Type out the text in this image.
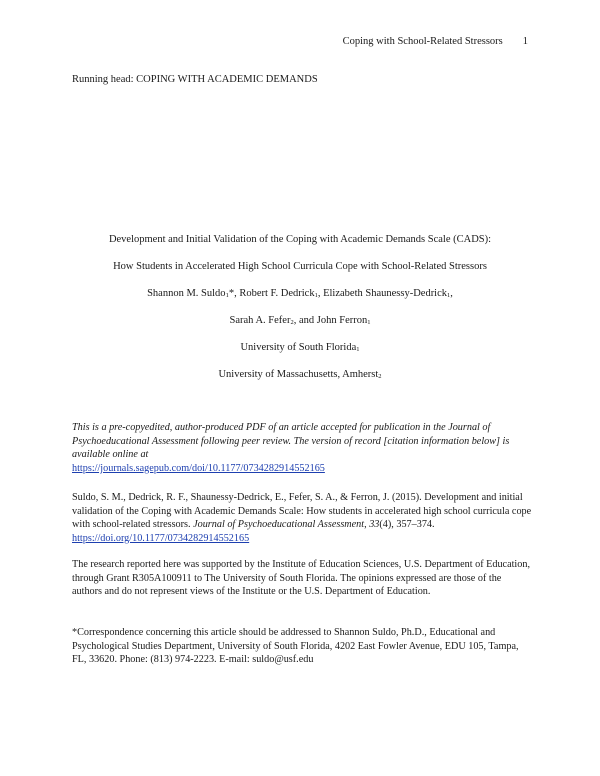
Coping with School-Related Stressors 1
Running head: COPING WITH ACADEMIC DEMANDS
Development and Initial Validation of the Coping with Academic Demands Scale (CADS):
How Students in Accelerated High School Curricula Cope with School-Related Stressors
Shannon M. Suldo$_1$*, Robert F. Dedrick$_1$, Elizabeth Shaunessy-Dedrick$_1$,
Sarah A. Fefer$_2$, and John Ferron$_1$
University of South Florida$_1$
University of Massachusetts, Amherst$_2$
This is a pre-copyedited, author-produced PDF of an article accepted for publication in the Journal of Psychoeducational Assessment following peer review. The version of record [citation information below] is available online at
https://journals.sagepub.com/doi/10.1177/0734282914552165
Suldo, S. M., Dedrick, R. F., Shaunessy-Dedrick, E., Fefer, S. A., & Ferron, J. (2015). Development and initial validation of the Coping with Academic Demands Scale: How students in accelerated high school curricula cope with school-related stressors. Journal of Psychoeducational Assessment, 33(4), 357–374. https://doi.org/10.1177/0734282914552165
The research reported here was supported by the Institute of Education Sciences, U.S. Department of Education, through Grant R305A100911 to The University of South Florida. The opinions expressed are those of the authors and do not represent views of the Institute or the U.S. Department of Education.
*Correspondence concerning this article should be addressed to Shannon Suldo, Ph.D., Educational and Psychological Studies Department, University of South Florida, 4202 East Fowler Avenue, EDU 105, Tampa, FL, 33620. Phone: (813) 974-2223. E-mail: suldo@usf.edu
